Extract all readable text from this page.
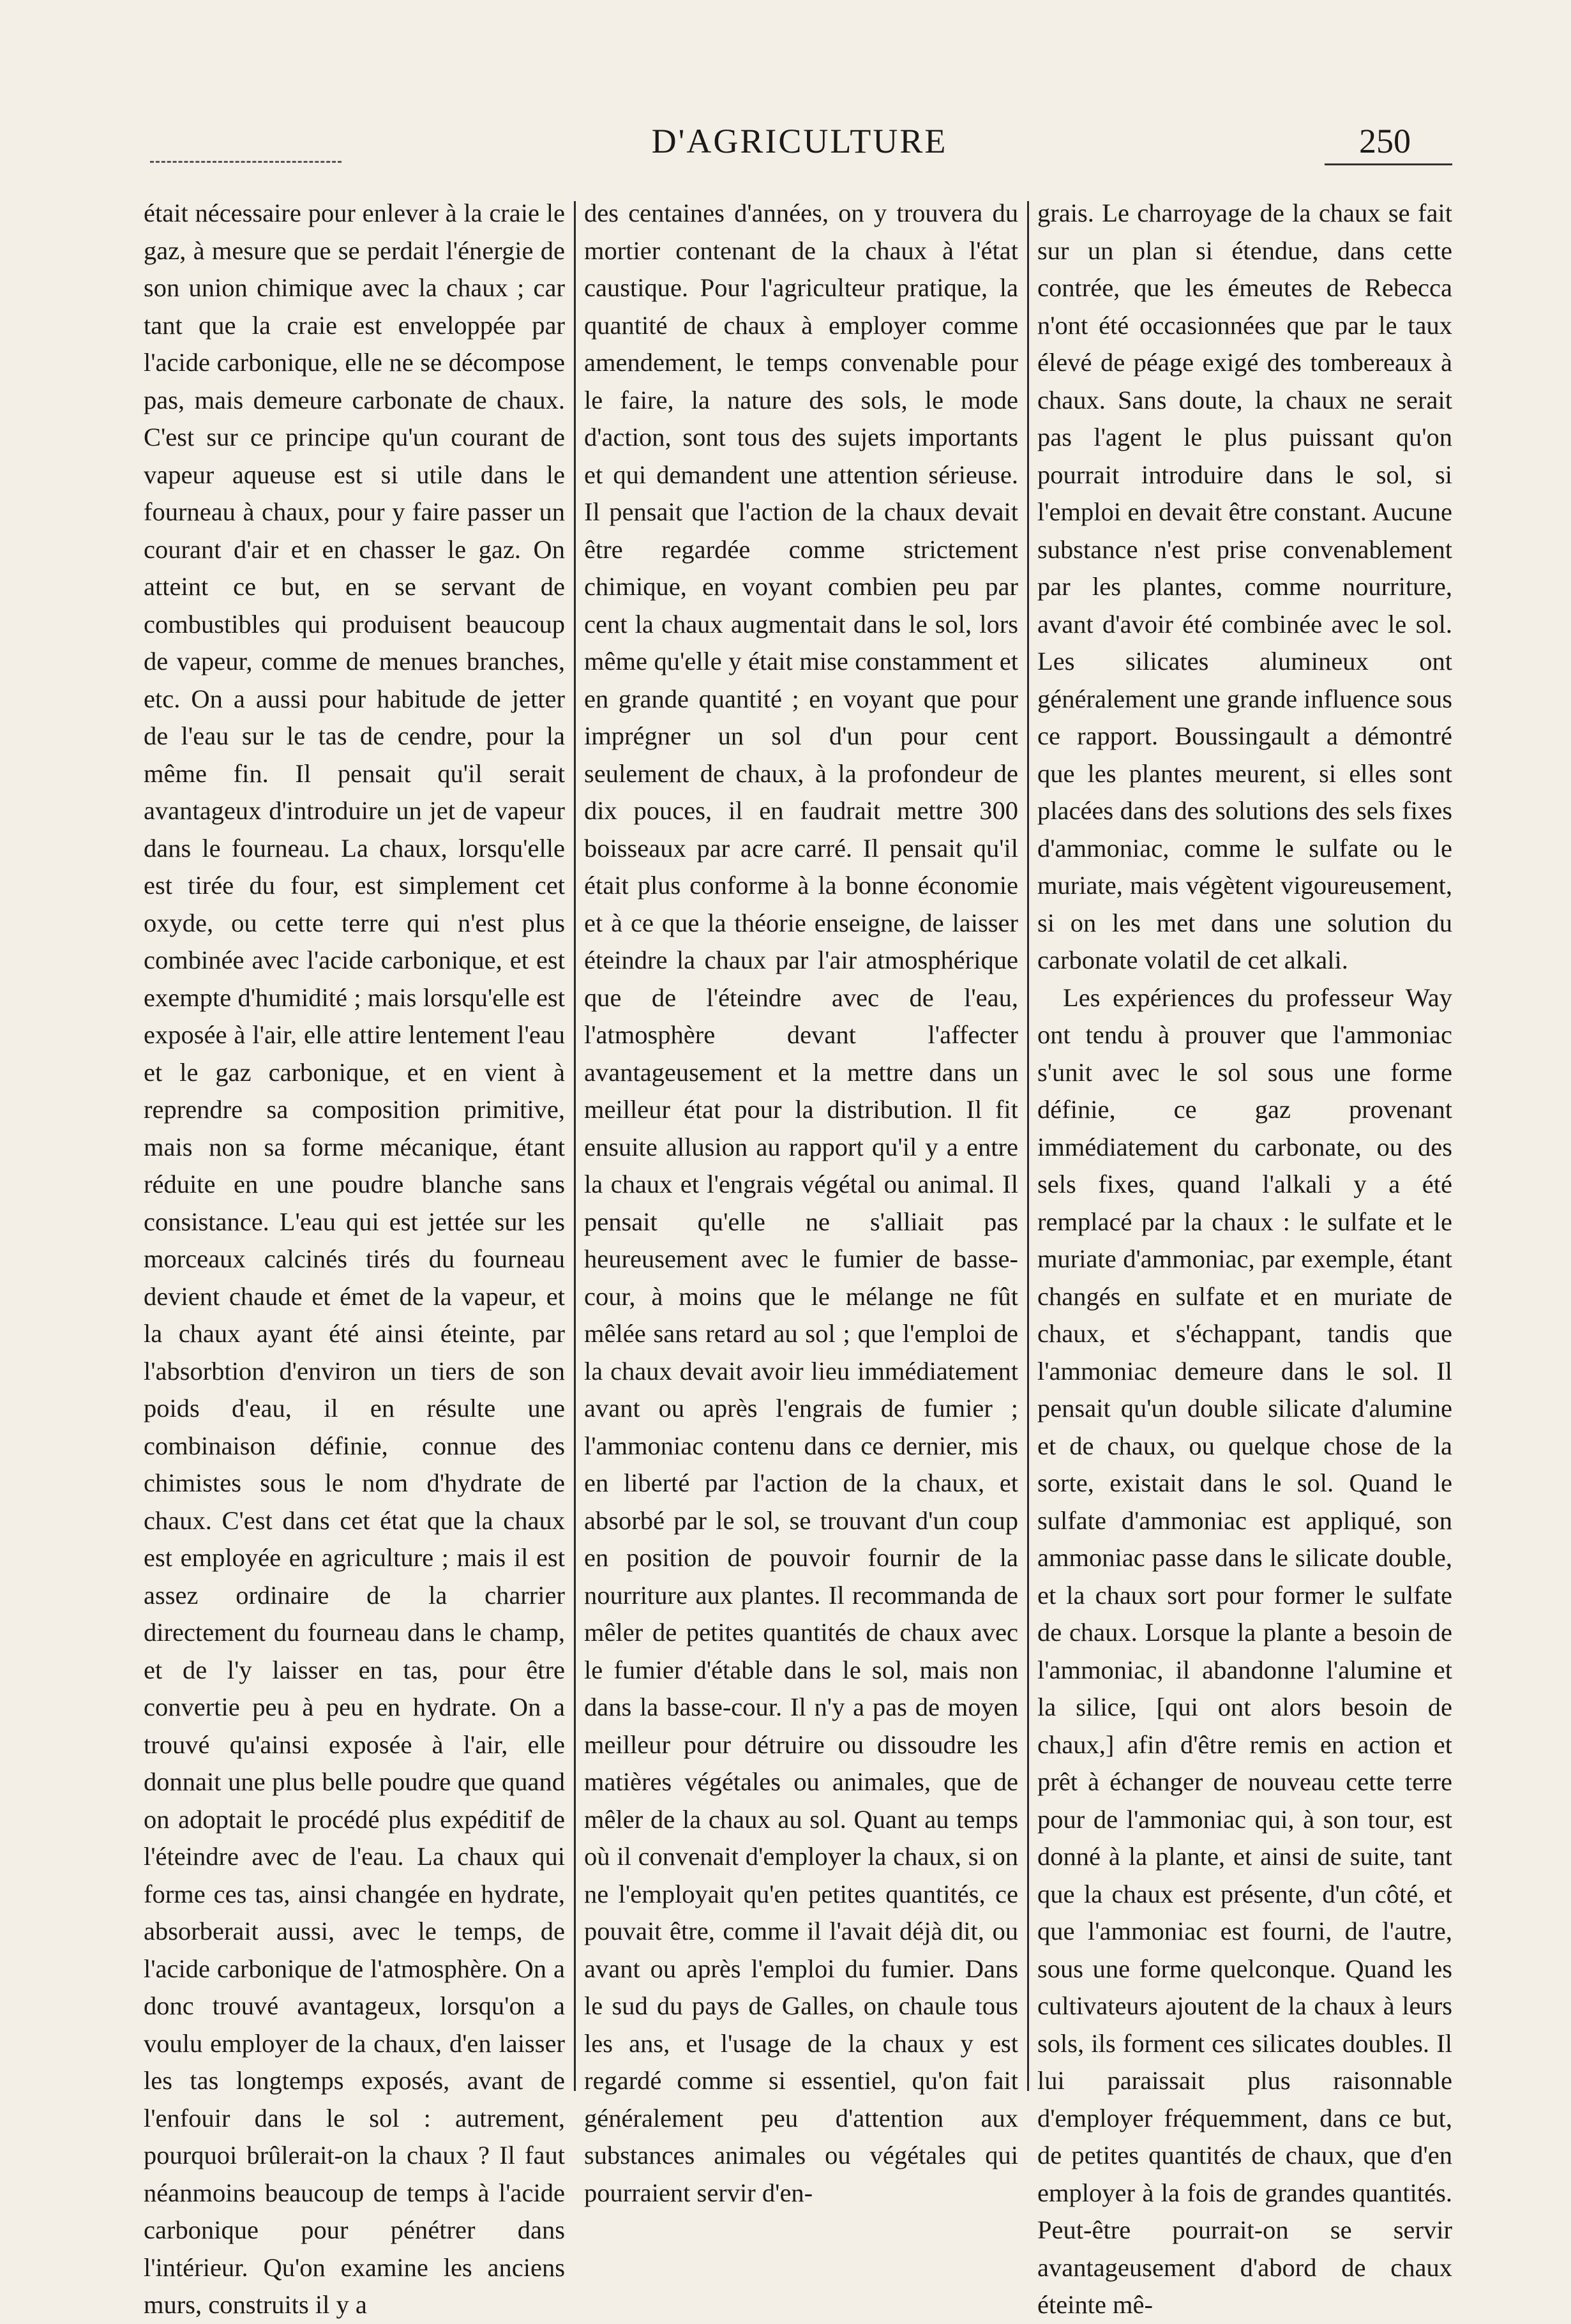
D'AGRICULTURE	250

était nécessaire pour enlever à la craie le gaz, à mesure que se perdait l'énergie de son union chimique avec la chaux ; car tant que la craie est enveloppée par l'acide carbonique, elle ne se décompose pas, mais demeure carbonate de chaux. C'est sur ce principe qu'un courant de vapeur aqueuse est si utile dans le fourneau à chaux, pour y faire passer un courant d'air et en chasser le gaz. On atteint ce but, en se servant de combustibles qui produisent beaucoup de vapeur, comme de menues branches, etc. On a aussi pour habitude de jetter de l'eau sur le tas de cendre, pour la même fin. Il pensait qu'il serait avantageux d'introduire un jet de vapeur dans le fourneau. La chaux, lorsqu'elle est tirée du four, est simplement cet oxyde, ou cette terre qui n'est plus combinée avec l'acide carbonique, et est exempte d'humidité ; mais lorsqu'elle est exposée à l'air, elle attire lentement l'eau et le gaz carbonique, et en vient à reprendre sa composition primitive, mais non sa forme mécanique, étant réduite en une poudre blanche sans consistance. L'eau qui est jettée sur les morceaux calcinés tirés du fourneau devient chaude et émet de la vapeur, et la chaux ayant été ainsi éteinte, par l'absorbtion d'environ un tiers de son poids d'eau, il en résulte une combinaison définie, connue des chimistes sous le nom d'hydrate de chaux. C'est dans cet état que la chaux est employée en agriculture ; mais il est assez ordinaire de la charrier directement du fourneau dans le champ, et de l'y laisser en tas, pour être convertie peu à peu en hydrate. On a trouvé qu'ainsi exposée à l'air, elle donnait une plus belle poudre que quand on adoptait le procédé plus expéditif de l'éteindre avec de l'eau. La chaux qui forme ces tas, ainsi changée en hydrate, absorberait aussi, avec le temps, de l'acide carbonique de l'atmosphère. On a donc trouvé avantageux, lorsqu'on a voulu employer de la chaux, d'en laisser les tas longtemps exposés, avant de l'enfouir dans le sol : autrement, pourquoi brûlerait-on la chaux ? Il faut néanmoins beaucoup de temps à l'acide carbonique pour pénétrer dans l'intérieur. Qu'on examine les anciens murs, construits il y a

des centaines d'années, on y trouvera du mortier contenant de la chaux à l'état caustique. Pour l'agriculteur pratique, la quantité de chaux à employer comme amendement, le temps convenable pour le faire, la nature des sols, le mode d'action, sont tous des sujets importants et qui demandent une attention sérieuse. Il pensait que l'action de la chaux devait être regardée comme strictement chimique, en voyant combien peu par cent la chaux augmentait dans le sol, lors même qu'elle y était mise constamment et en grande quantité ; en voyant que pour imprégner un sol d'un pour cent seulement de chaux, à la profondeur de dix pouces, il en faudrait mettre 300 boisseaux par acre carré. Il pensait qu'il était plus conforme à la bonne économie et à ce que la théorie enseigne, de laisser éteindre la chaux par l'air atmosphérique que de l'éteindre avec de l'eau, l'atmosphère devant l'affecter avantageusement et la mettre dans un meilleur état pour la distribution. Il fit ensuite allusion au rapport qu'il y a entre la chaux et l'engrais végétal ou animal. Il pensait qu'elle ne s'alliait pas heureusement avec le fumier de basse-cour, à moins que le mélange ne fût mêlée sans retard au sol ; que l'emploi de la chaux devait avoir lieu immédiatement avant ou après l'engrais de fumier ; l'ammoniac contenu dans ce dernier, mis en liberté par l'action de la chaux, et absorbé par le sol, se trouvant d'un coup en position de pouvoir fournir de la nourriture aux plantes. Il recommanda de mêler de petites quantités de chaux avec le fumier d'étable dans le sol, mais non dans la basse-cour. Il n'y a pas de moyen meilleur pour détruire ou dissoudre les matières végétales ou animales, que de mêler de la chaux au sol. Quant au temps où il convenait d'employer la chaux, si on ne l'employait qu'en petites quantités, ce pouvait être, comme il l'avait déjà dit, ou avant ou après l'emploi du fumier. Dans le sud du pays de Galles, on chaule tous les ans, et l'usage de la chaux y est regardé comme si essentiel, qu'on fait généralement peu d'attention aux substances animales ou végétales qui pourraient servir d'en-

grais. Le charroyage de la chaux se fait sur un plan si étendue, dans cette contrée, que les émeutes de Rebecca n'ont été occasionnées que par le taux élevé de péage exigé des tombereaux à chaux. Sans doute, la chaux ne serait pas l'agent le plus puissant qu'on pourrait introduire dans le sol, si l'emploi en devait être constant. Aucune substance n'est prise convenablement par les plantes, comme nourriture, avant d'avoir été combinée avec le sol. Les silicates alumineux ont généralement une grande influence sous ce rapport. Boussingault a démontré que les plantes meurent, si elles sont placées dans des solutions des sels fixes d'ammoniac, comme le sulfate ou le muriate, mais végètent vigoureusement, si on les met dans une solution du carbonate volatil de cet alkali.

Les expériences du professeur Way ont tendu à prouver que l'ammoniac s'unit avec le sol sous une forme définie, ce gaz provenant immédiatement du carbonate, ou des sels fixes, quand l'alkali y a été remplacé par la chaux : le sulfate et le muriate d'ammoniac, par exemple, étant changés en sulfate et en muriate de chaux, et s'échappant, tandis que l'ammoniac demeure dans le sol. Il pensait qu'un double silicate d'alumine et de chaux, ou quelque chose de la sorte, existait dans le sol. Quand le sulfate d'ammoniac est appliqué, son ammoniac passe dans le silicate double, et la chaux sort pour former le sulfate de chaux. Lorsque la plante a besoin de l'ammoniac, il abandonne l'alumine et la silice, [qui ont alors besoin de chaux,] afin d'être remis en action et prêt à échanger de nouveau cette terre pour de l'ammoniac qui, à son tour, est donné à la plante, et ainsi de suite, tant que la chaux est présente, d'un côté, et que l'ammoniac est fourni, de l'autre, sous une forme quelconque. Quand les cultivateurs ajoutent de la chaux à leurs sols, ils forment ces silicates doubles. Il lui paraissait plus raisonnable d'employer fréquemment, dans ce but, de petites quantités de chaux, que d'en employer à la fois de grandes quantités. Peut-être pourrait-on se servir avantageusement d'abord de chaux éteinte mê-
